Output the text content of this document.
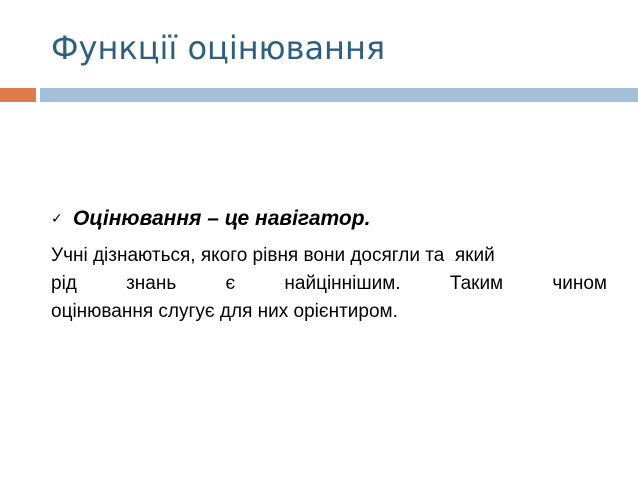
Функції оцінювання
✓ Оцінювання – це навігатор.
Учні дізнаються, якого рівня вони досягли та  який
рід	знань	є	найціннішим.	Таким	чином
оцінювання слугує для них орієнтиром.
